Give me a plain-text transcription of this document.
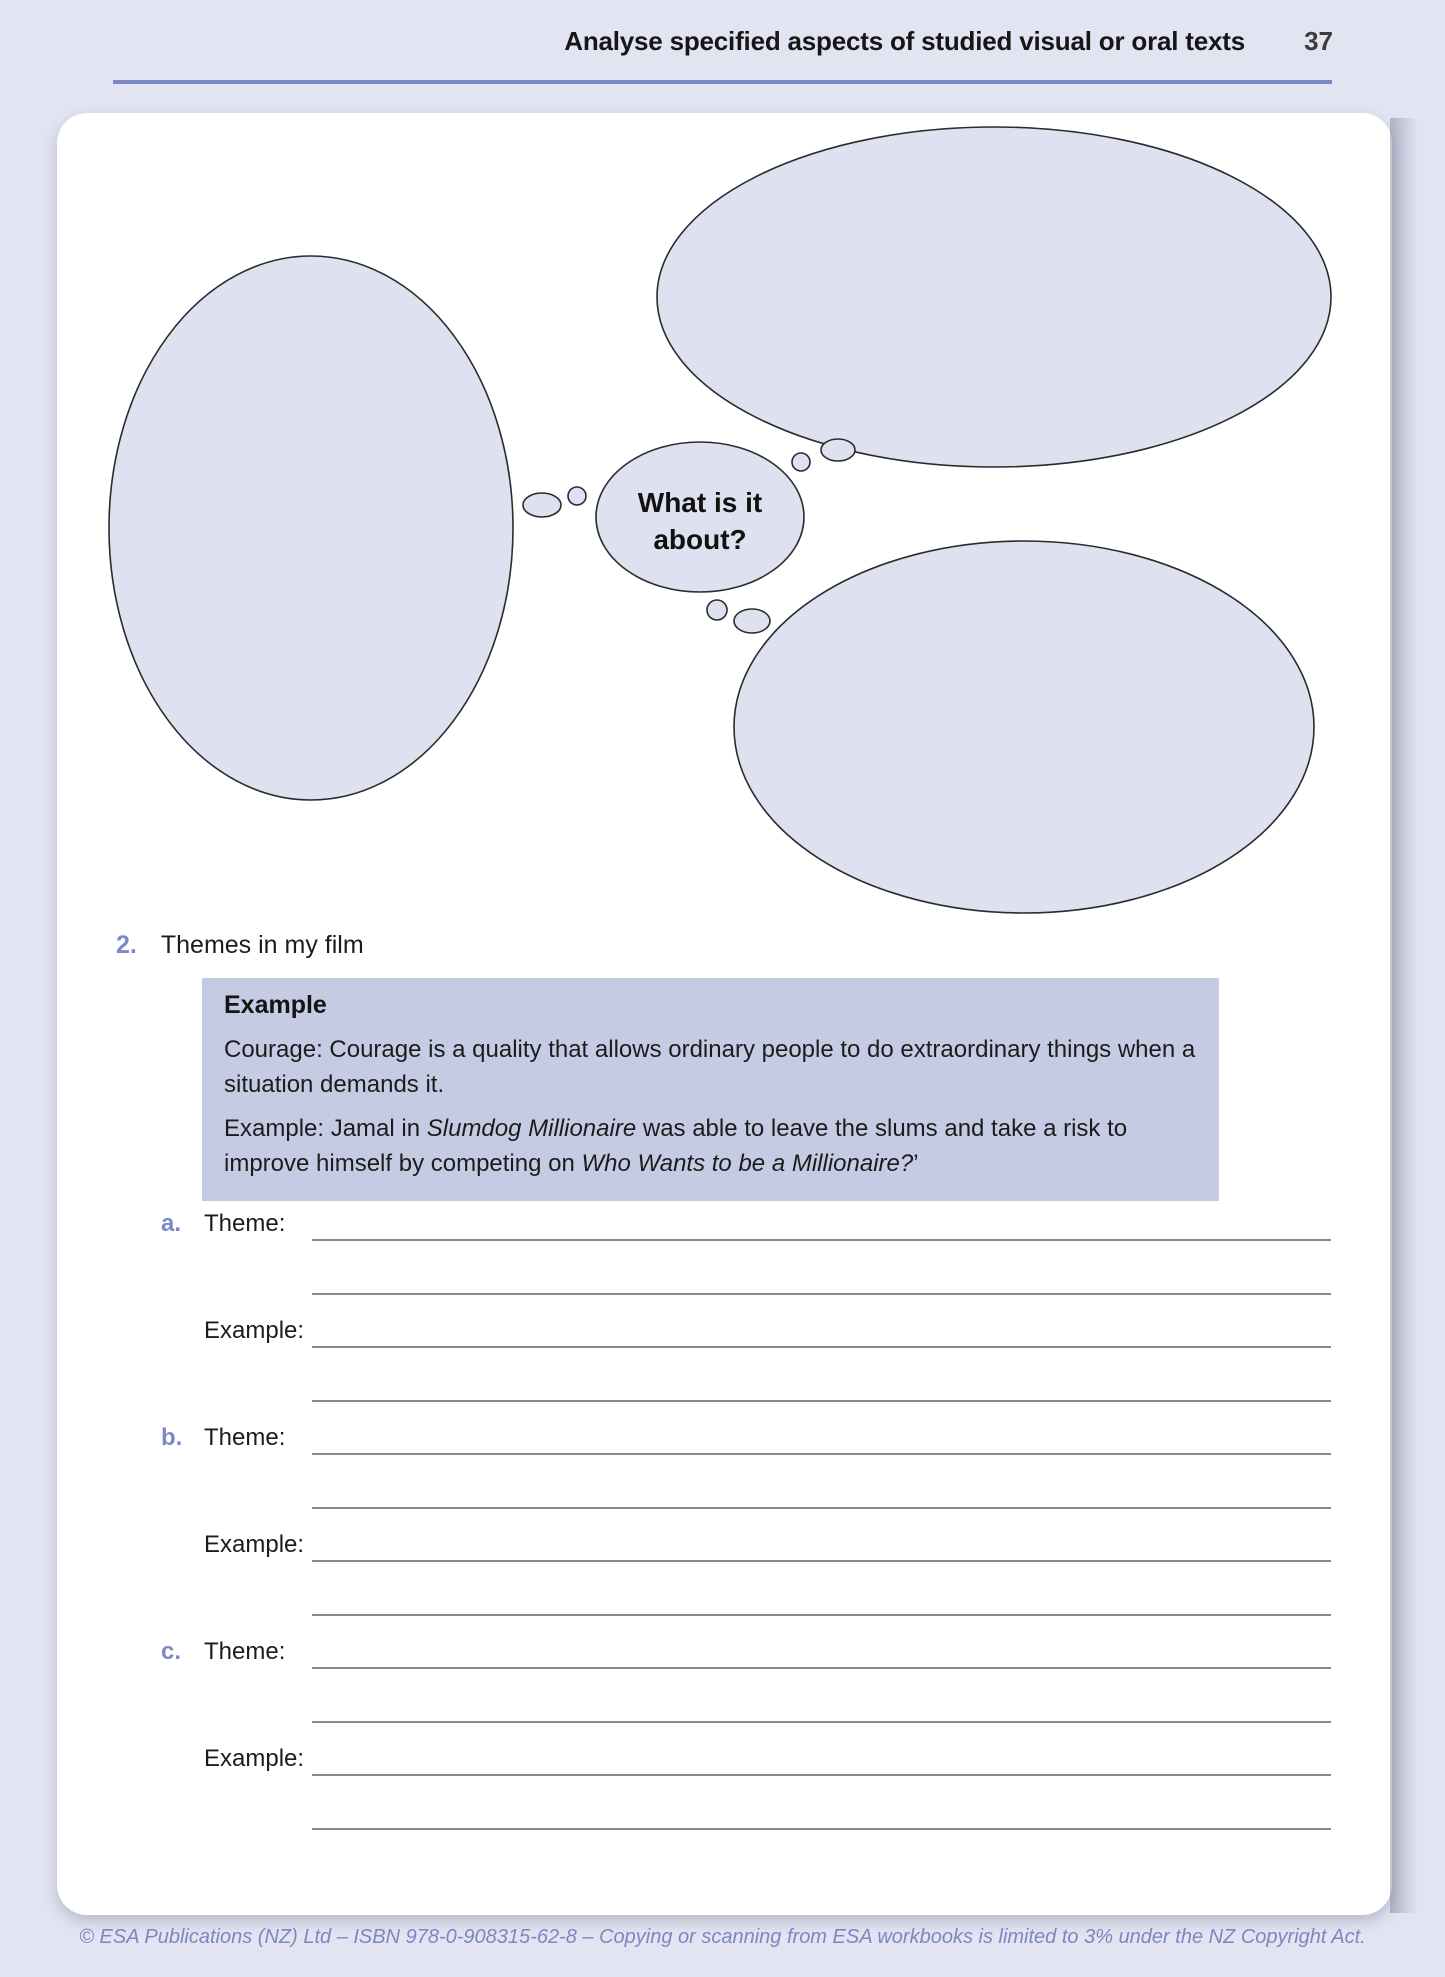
Analyse specified aspects of studied visual or oral texts 37
What is it
about?
2. Themes in my film
Example

Courage: Courage is a quality that allows ordinary people to do extraordinary things when a situation demands it.

Example: Jamal in Slumdog Millionaire was able to leave the slums and take a risk to improve himself by competing on Who Wants to be a Millionaire?’

a. Theme:
Example:
b. Theme:
Example:
c. Theme:
Example:
© ESA Publications (NZ) Ltd – ISBN 978-0-908315-62-8 – Copying or scanning from ESA workbooks is limited to 3% under the NZ Copyright Act.
